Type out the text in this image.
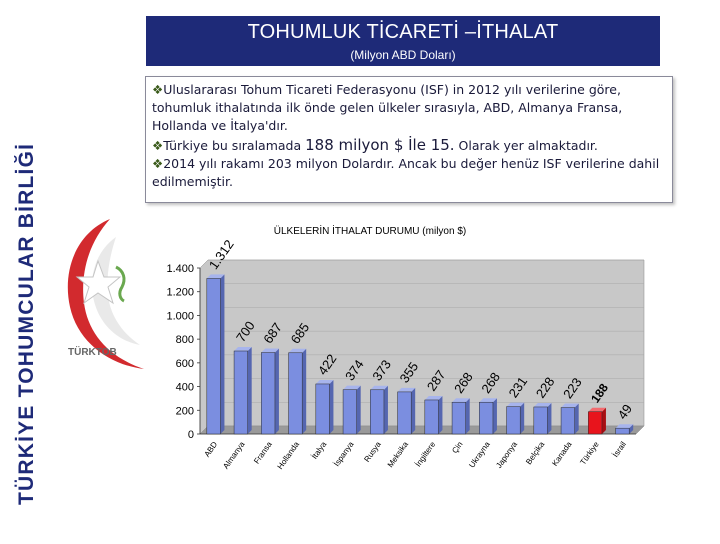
TÜRKİYE TOHUMCULAR BİRLİĞİ
TOHUMLUK TİCARETİ –İTHALAT
(Milyon ABD Doları)

❖Uluslararası Tohum Ticareti Federasyonu (ISF) in 2012 yılı verilerine göre, tohumluk ithalatında ilk önde gelen ülkeler sırasıyla, ABD, Almanya Fransa, Hollanda ve İtalya'dır.

❖Türkiye bu sıralamada 188 milyon $ İle 15. Olarak yer almaktadır.

❖2014 yılı rakamı 203 milyon Dolardır. Ancak bu değer henüz ISF verilerine dahil edilmemiştir.

TÜRKTOB
ÜLKELERİN İTHALAT DURUMU (milyon $)
0
200
400
600
800
1.000
1.200
1.400 1.312
ABD
700
Almanya
687
Fransa
685
Hollanda
422
İtalya
374
İspanya
373
Rusya
355
Meksika
287
İngiltere
268
Çin
268
Ukrayna
231
Japonya
228
Belçika
223
Kanada
188
Türkiye
49
İsrail
